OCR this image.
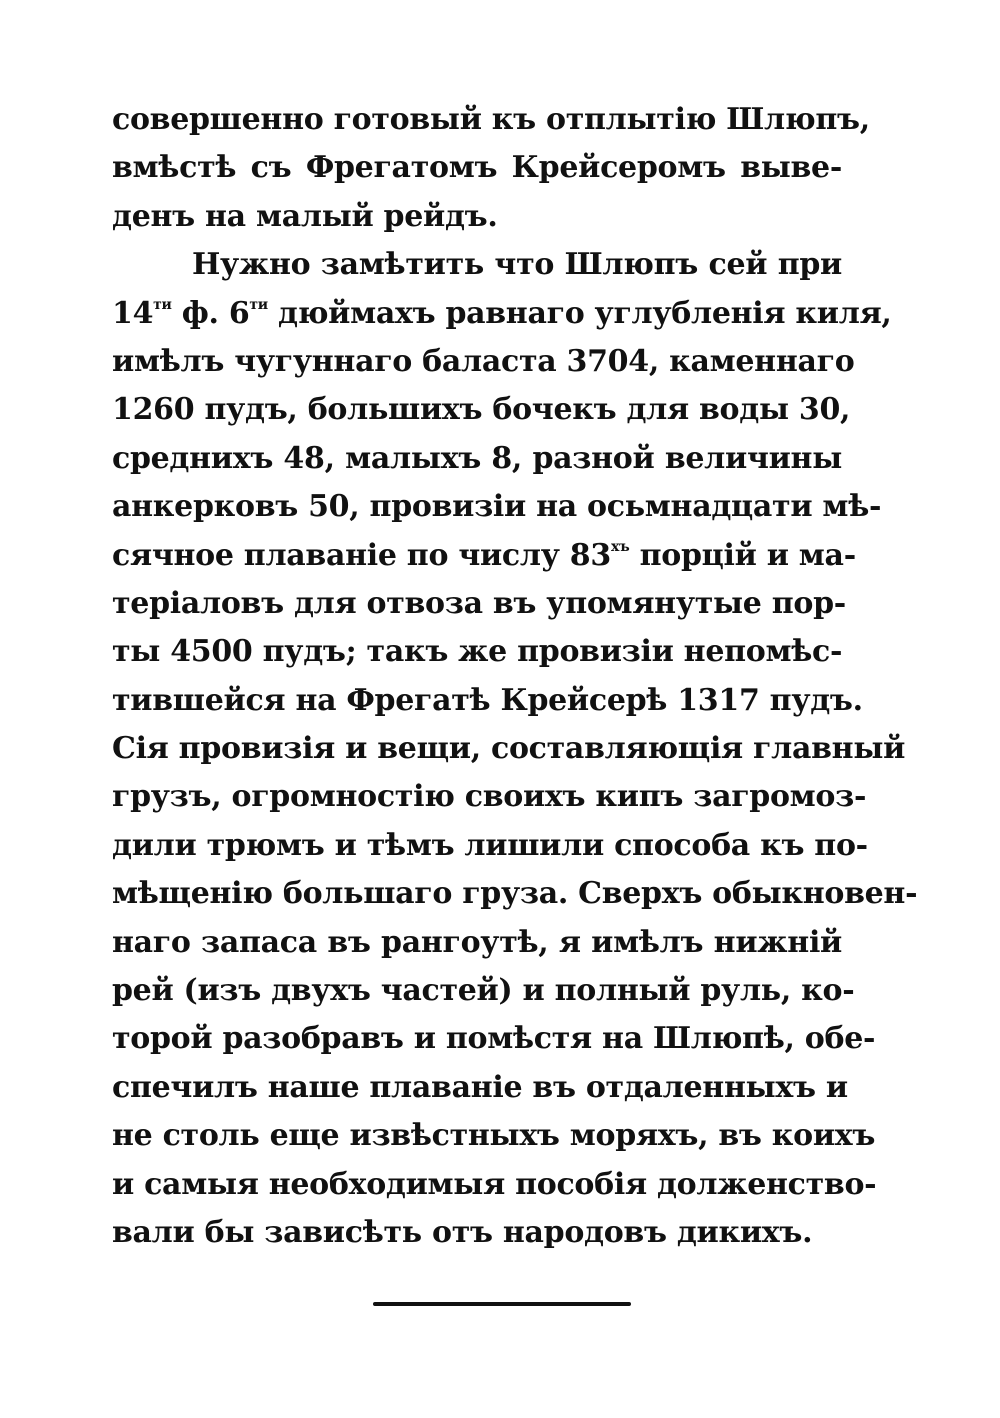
совершенно готовый къ отплытію Шлюпъ,
вмѣстѣ съ Фрегатомъ Крейсеромъ выве-
денъ на малый рейдъ.
Нужно замѣтить что Шлюпъ сей при
$14^{ти}$ ф. $6^{ти}$ дюймахъ равнаго углубленія киля,
имѣлъ чугуннаго баласта 3704, каменнаго
1260 пудъ, большихъ бочекъ для воды 30,
среднихъ 48, малыхъ 8, разной величины
анкерковъ 50, провизіи на осьмнадцати мѣ-
сячное плаваніе по числу $83^{хъ}$ порцій и ма-
теріаловъ для отвоза въ упомянутые пор-
ты 4500 пудъ; такъ же провизіи непомѣс-
тившейся на Фрегатѣ Крейсерѣ 1317 пудъ.
Сія провизія и вещи, составляющія главный
грузъ, огромностію своихъ кипъ загромоз-
дили трюмъ и тѣмъ лишили способа къ по-
мѣщенію большаго груза. Сверхъ обыкновен-
наго запаса въ рангоутѣ, я имѣлъ нижній
рей (изъ двухъ частей) и полный руль, ко-
торой разобравъ и помѣстя на Шлюпѣ, обе-
спечилъ наше плаваніе въ отдаленныхъ и
не столь еще извѣстныхъ моряхъ, въ коихъ
и самыя необходимыя пособія долженство-
вали бы зависѣть отъ народовъ дикихъ.
